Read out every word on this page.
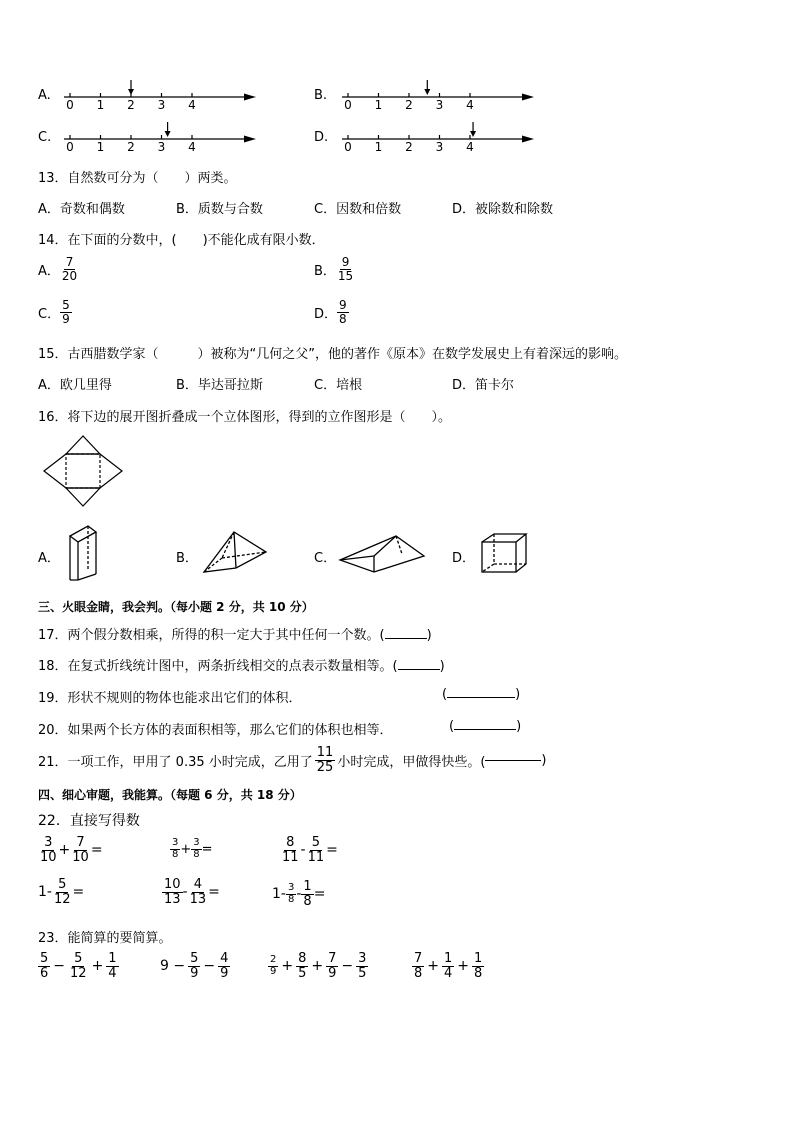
A.
0 1 2 3 4
B.
0 1 2 3 4
C.
0 1 2 3 4
D.
0 1 2 3 4
13．自然数可分为（　　）两类。
A．奇数和偶数	B．质数与合数	C．因数和倍数	D．被除数和除数
14．在下面的分数中，(　　)不能化成有限小数．
A． $\frac{7}{20}$	B． $\frac{9}{15}$
C． $\frac{5}{9}$	D． $\frac{9}{8}$
15．古西腊数学家（　　　）被称为“几何之父”，他的著作《原本》在数学发展史上有着深远的影响。
A．欧几里得	B．毕达哥拉斯	C．培根	D．笛卡尔
16．将下边的展开图折叠成一个立体图形，得到的立作图形是（　　）。
A．	B．	C．	D．
三、火眼金睛，我会判。（每小题 2 分，共 10 分）
17．两个假分数相乘，所得的积一定大于其中任何一个数。(	)
18．在复式折线统计图中，两条折线相交的点表示数量相等。(	)
19．形状不规则的物体也能求出它们的体积．	(	)
20．如果两个长方体的表面积相等，那么它们的体积也相等．	(	)
21．一项工作，甲用了 0.35 小时完成，乙用了 $\frac{11}{25}$ 小时完成，甲做得快些。(	)
四、细心审题，我能算。（每题 6 分，共 18 分）
22．直接写得数
$\frac{3}{10} + \frac{7}{10}$ =	$\frac{3}{8} + \frac{3}{8}$ =	$\frac{8}{11} - \frac{5}{11}$ =
$1- \frac{5}{12}$ =	$\frac{10}{13} - \frac{4}{13}$ =	$1- \frac{3}{8} - \frac{1}{8}$ =
23．能简算的要简算。
$\frac{5}{6} - \frac{5}{12} + \frac{1}{4}$	$9 - \frac{5}{9} - \frac{4}{9}$	$\frac{2}{9} + \frac{8}{5} + \frac{7}{9} - \frac{3}{5}$	$\frac{7}{8} + \frac{1}{4} + \frac{1}{8}$
